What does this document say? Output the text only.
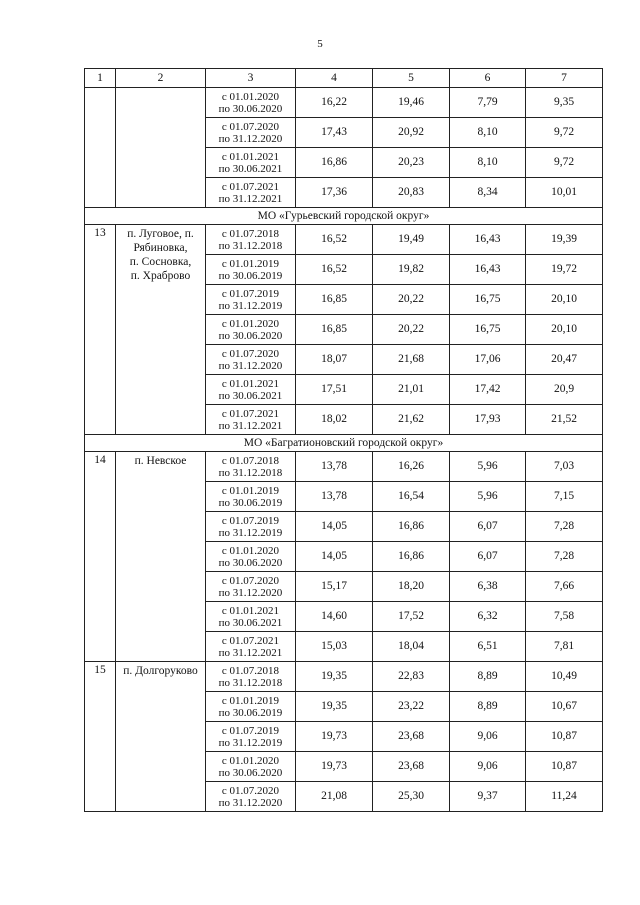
5
1	2	3	4	5	6	7

		с 01.01.2020
по 30.06.2020	16,22	19,46	7,79	9,35

		с 01.07.2020
по 31.12.2020	17,43	20,92	8,10	9,72

		с 01.01.2021
по 30.06.2021	16,86	20,23	8,10	9,72

		с 01.07.2021
по 31.12.2021	17,36	20,83	8,34	10,01
МО «Гурьевский городской округ»						
13	п. Луговое, п.
Рябиновка,
п. Сосновка,
п. Храброво	с 01.07.2018
по 31.12.2018	16,52	19,49	16,43	19,39

		с 01.01.2019
по 30.06.2019	16,52	19,82	16,43	19,72

		с 01.07.2019
по 31.12.2019	16,85	20,22	16,75	20,10

		с 01.01.2020
по 30.06.2020	16,85	20,22	16,75	20,10

		с 01.07.2020
по 31.12.2020	18,07	21,68	17,06	20,47

		с 01.01.2021
по 30.06.2021	17,51	21,01	17,42	20,9

		с 01.07.2021
по 31.12.2021	18,02	21,62	17,93	21,52
МО «Багратионовский городской округ»						
14	п. Невское	с 01.07.2018
по 31.12.2018	13,78	16,26	5,96	7,03

		с 01.01.2019
по 30.06.2019	13,78	16,54	5,96	7,15

		с 01.07.2019
по 31.12.2019	14,05	16,86	6,07	7,28

		с 01.01.2020
по 30.06.2020	14,05	16,86	6,07	7,28

		с 01.07.2020
по 31.12.2020	15,17	18,20	6,38	7,66

		с 01.01.2021
по 30.06.2021	14,60	17,52	6,32	7,58

		с 01.07.2021
по 31.12.2021	15,03	18,04	6,51	7,81
15	п. Долгоруково	с 01.07.2018
по 31.12.2018	19,35	22,83	8,89	10,49

		с 01.01.2019
по 30.06.2019	19,35	23,22	8,89	10,67

		с 01.07.2019
по 31.12.2019	19,73	23,68	9,06	10,87

		с 01.01.2020
по 30.06.2020	19,73	23,68	9,06	10,87

		с 01.07.2020
по 31.12.2020	21,08	25,30	9,37	11,24
